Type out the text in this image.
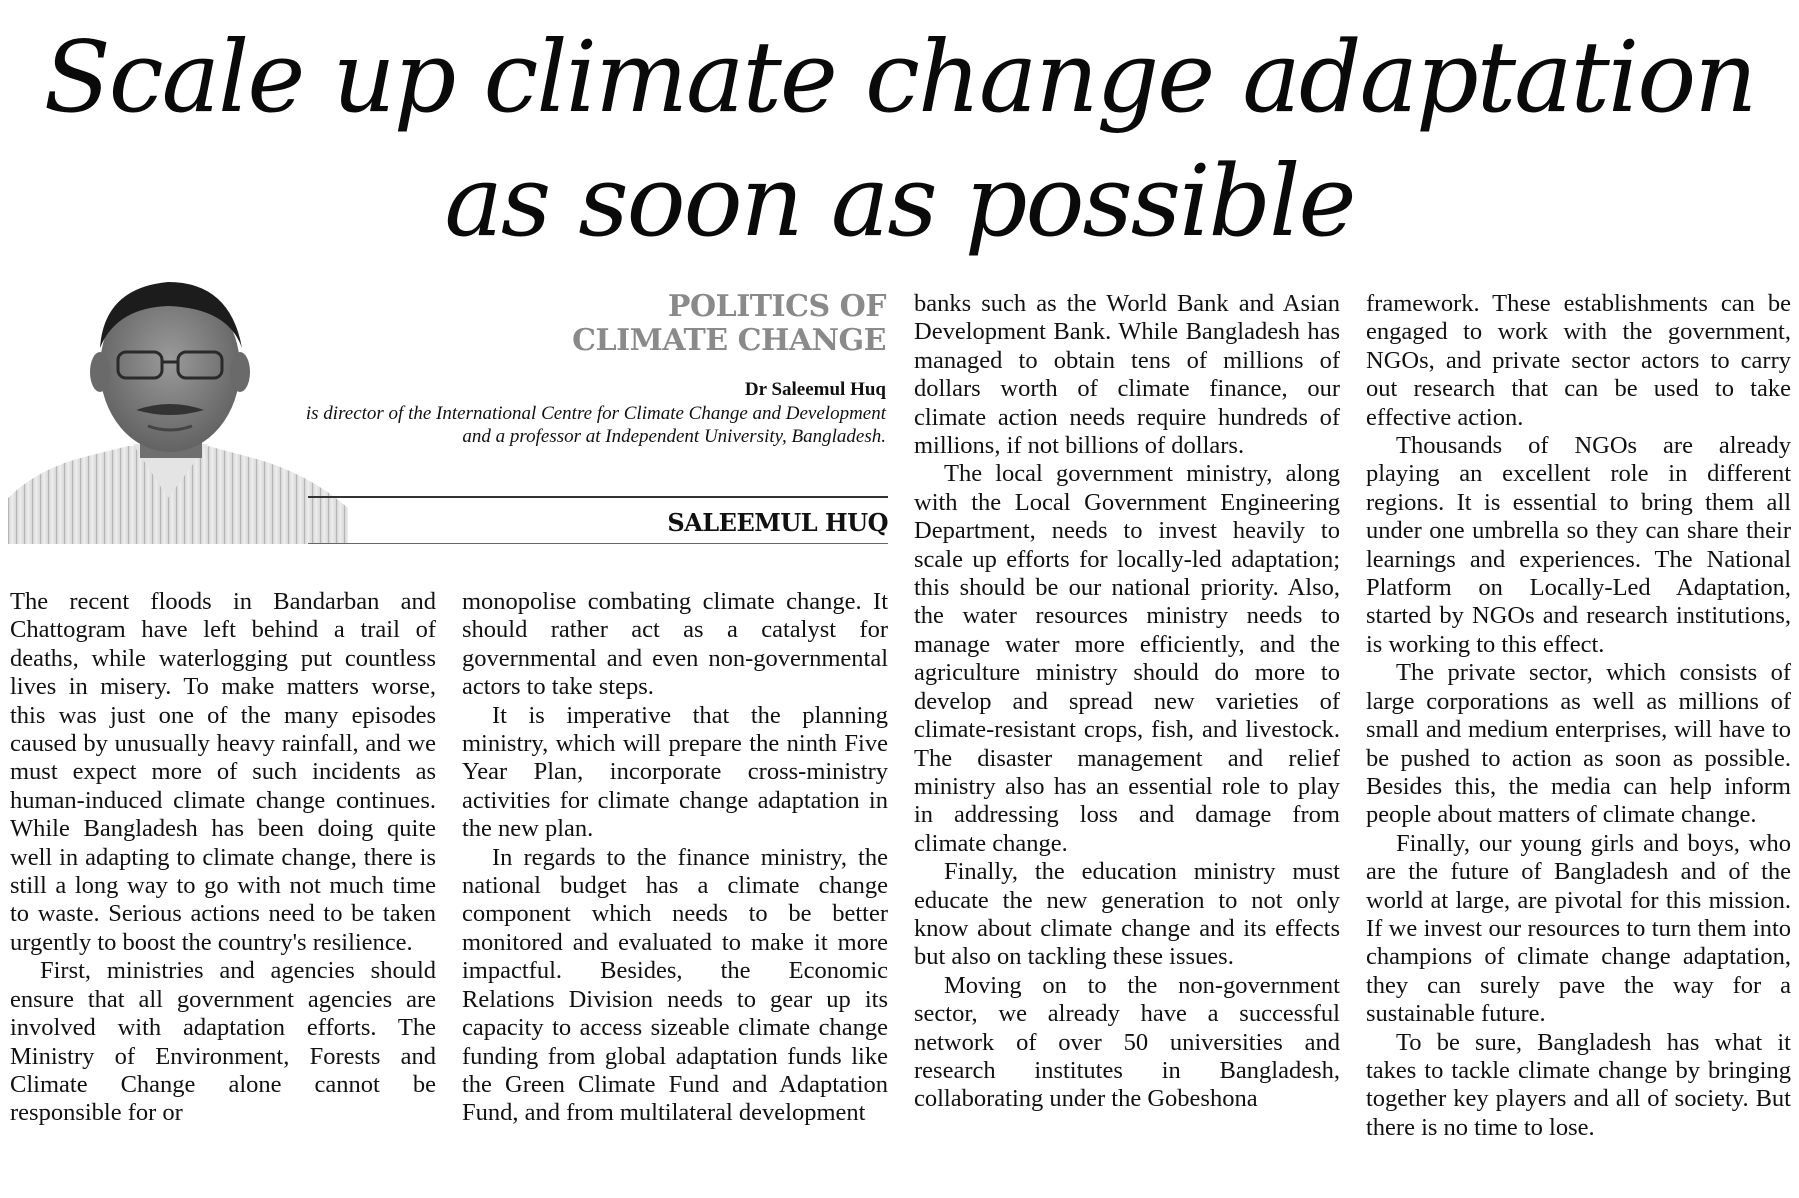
Scale up climate change adaptation
as soon as possible
POLITICS OF
CLIMATE CHANGE
Dr Saleemul Huq
is director of the International Centre for Climate Change and Development and a professor at Independent University, Bangladesh.
SALEEMUL HUQ

The recent floods in Bandarban and Chattogram have left behind a trail of deaths, while waterlogging put countless lives in misery. To make matters worse, this was just one of the many episodes caused by unusually heavy rainfall, and we must expect more of such incidents as human-induced climate change continues. While Bangladesh has been doing quite well in adapting to climate change, there is still a long way to go with not much time to waste. Serious actions need to be taken urgently to boost the country's resilience.

First, ministries and agencies should ensure that all government agencies are involved with adaptation efforts. The Ministry of Environment, Forests and Climate Change alone cannot be responsible for or

monopolise combating climate change. It should rather act as a catalyst for governmental and even non-governmental actors to take steps.

It is imperative that the planning ministry, which will prepare the ninth Five Year Plan, incorporate cross-ministry activities for climate change adaptation in the new plan.

In regards to the finance ministry, the national budget has a climate change component which needs to be better monitored and evaluated to make it more impactful. Besides, the Economic Relations Division needs to gear up its capacity to access sizeable climate change funding from global adaptation funds like the Green Climate Fund and Adaptation Fund, and from multilateral development

banks such as the World Bank and Asian Development Bank. While Bangladesh has managed to obtain tens of millions of dollars worth of climate finance, our climate action needs require hundreds of millions, if not billions of dollars.

The local government ministry, along with the Local Government Engineering Department, needs to invest heavily to scale up efforts for locally-led adaptation; this should be our national priority. Also, the water resources ministry needs to manage water more efficiently, and the agriculture ministry should do more to develop and spread new varieties of climate-resistant crops, fish, and livestock. The disaster management and relief ministry also has an essential role to play in addressing loss and damage from climate change.

Finally, the education ministry must educate the new generation to not only know about climate change and its effects but also on tackling these issues.

Moving on to the non-government sector, we already have a successful network of over 50 universities and research institutes in Bangladesh, collaborating under the Gobeshona

framework. These establishments can be engaged to work with the government, NGOs, and private sector actors to carry out research that can be used to take effective action.

Thousands of NGOs are already playing an excellent role in different regions. It is essential to bring them all under one umbrella so they can share their learnings and experiences. The National Platform on Locally-Led Adaptation, started by NGOs and research institutions, is working to this effect.

The private sector, which consists of large corporations as well as millions of small and medium enterprises, will have to be pushed to action as soon as possible. Besides this, the media can help inform people about matters of climate change.

Finally, our young girls and boys, who are the future of Bangladesh and of the world at large, are pivotal for this mission. If we invest our resources to turn them into champions of climate change adaptation, they can surely pave the way for a sustainable future.

To be sure, Bangladesh has what it takes to tackle climate change by bringing together key players and all of society. But there is no time to lose.
